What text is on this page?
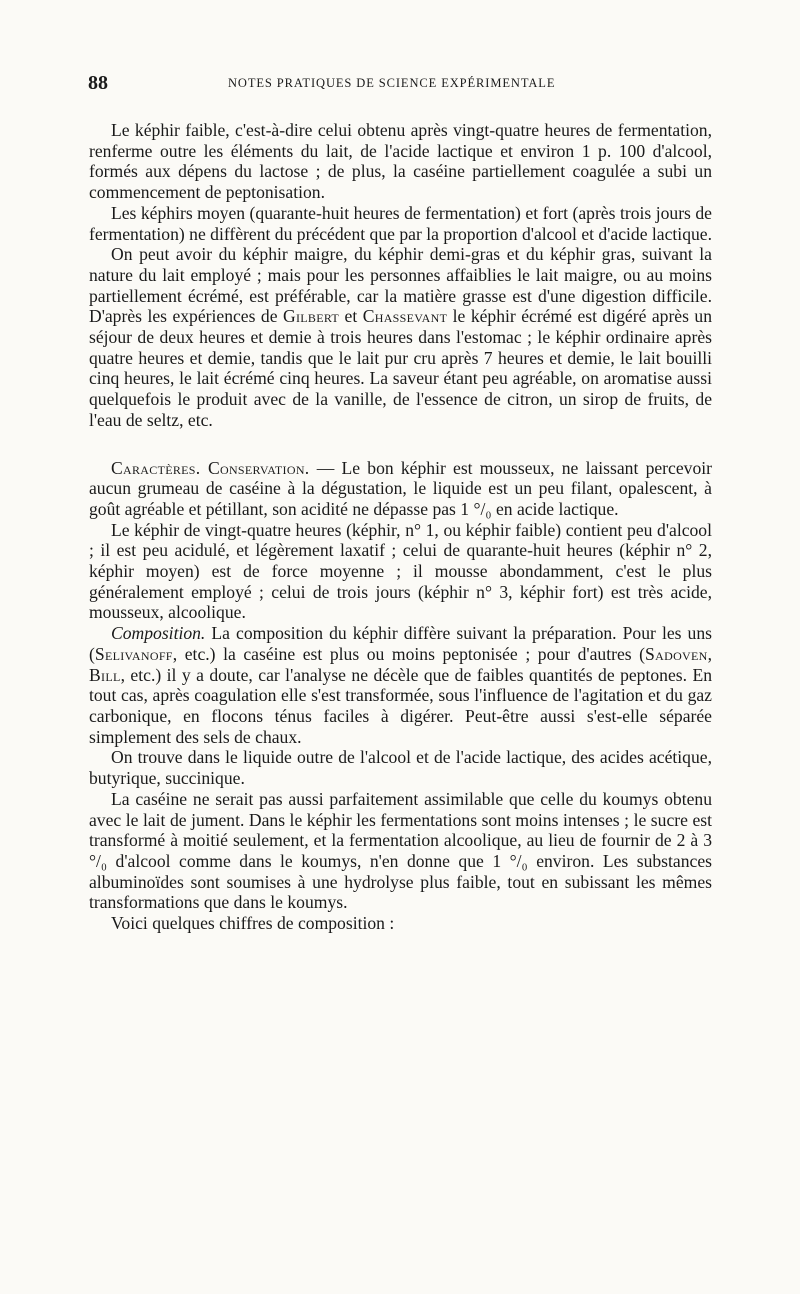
88	NOTES PRATIQUES DE SCIENCE EXPÉRIMENTALE

Le képhir faible, c'est-à-dire celui obtenu après vingt-quatre heures de fermentation, renferme outre les éléments du lait, de l'acide lactique et environ 1 p. 100 d'alcool, formés aux dépens du lactose ; de plus, la caséine partiellement coagulée a subi un commencement de peptonisation.

Les képhirs moyen (quarante-huit heures de fermentation) et fort (après trois jours de fermentation) ne diffèrent du précédent que par la proportion d'alcool et d'acide lactique.

On peut avoir du képhir maigre, du képhir demi-gras et du képhir gras, suivant la nature du lait employé ; mais pour les personnes affaiblies le lait maigre, ou au moins partiellement écrémé, est préférable, car la matière grasse est d'une digestion difficile. D'après les expériences de Gilbert et Chassevant le képhir écrémé est digéré après un séjour de deux heures et demie à trois heures dans l'estomac ; le képhir ordinaire après quatre heures et demie, tandis que le lait pur cru après 7 heures et demie, le lait bouilli cinq heures, le lait écrémé cinq heures. La saveur étant peu agréable, on aromatise aussi quelquefois le produit avec de la vanille, de l'essence de citron, un sirop de fruits, de l'eau de seltz, etc.

Caractères. Conservation. — Le bon képhir est mousseux, ne laissant percevoir aucun grumeau de caséine à la dégustation, le liquide est un peu filant, opalescent, à goût agréable et pétillant, son acidité ne dépasse pas 1 °/₀ en acide lactique.

Le képhir de vingt-quatre heures (képhir, n° 1, ou képhir faible) contient peu d'alcool ; il est peu acidulé, et légèrement laxatif ; celui de quarante-huit heures (képhir n° 2, képhir moyen) est de force moyenne ; il mousse abondamment, c'est le plus généralement employé ; celui de trois jours (képhir n° 3, képhir fort) est très acide, mousseux, alcoolique.

Composition. La composition du képhir diffère suivant la préparation. Pour les uns (Selivanoff, etc.) la caséine est plus ou moins peptonisée ; pour d'autres (Sadoven, Bill, etc.) il y a doute, car l'analyse ne décèle que de faibles quantités de peptones. En tout cas, après coagulation elle s'est transformée, sous l'influence de l'agitation et du gaz carbonique, en flocons ténus faciles à digérer. Peut-être aussi s'est-elle séparée simplement des sels de chaux.

On trouve dans le liquide outre de l'alcool et de l'acide lactique, des acides acétique, butyrique, succinique.

La caséine ne serait pas aussi parfaitement assimilable que celle du koumys obtenu avec le lait de jument. Dans le képhir les fermentations sont moins intenses ; le sucre est transformé à moitié seulement, et la fermentation alcoolique, au lieu de fournir de 2 à 3 °/₀ d'alcool comme dans le koumys, n'en donne que 1 °/₀ environ. Les substances albuminoïdes sont soumises à une hydrolyse plus faible, tout en subissant les mêmes transformations que dans le koumys.

Voici quelques chiffres de composition :
